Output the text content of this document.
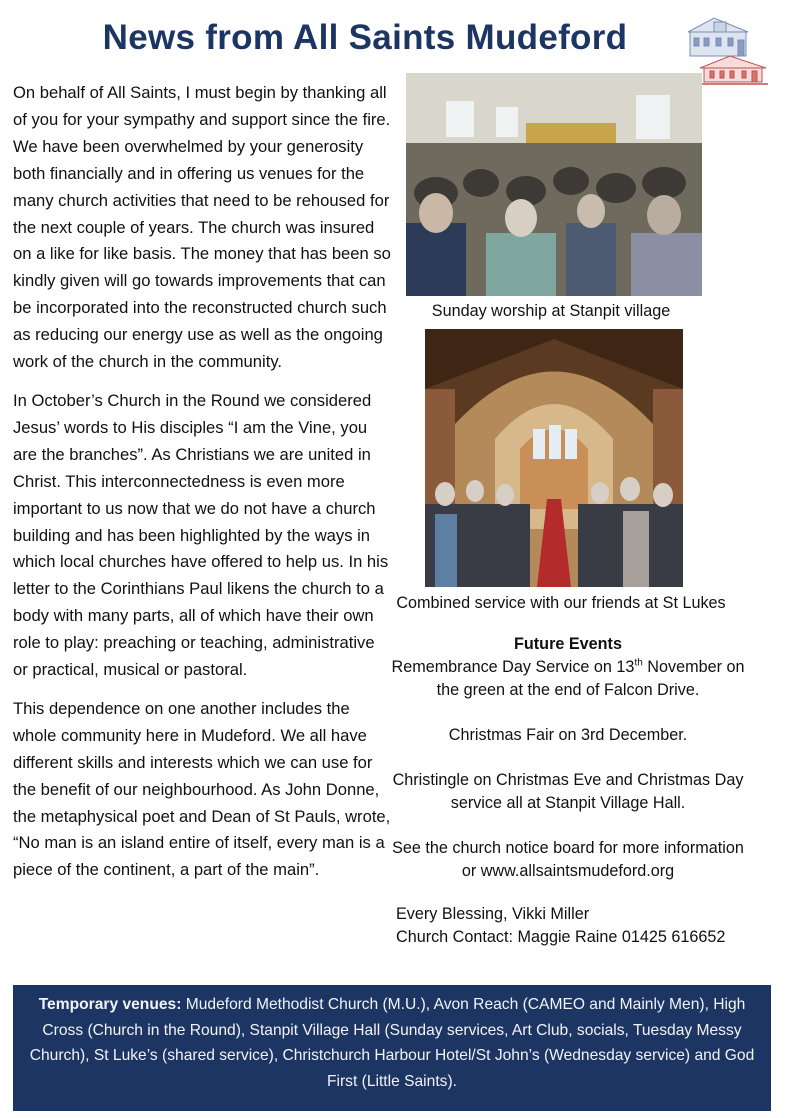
News from All Saints Mudeford

On behalf of All Saints, I must begin by thanking all of you for your sympathy and support since the fire. We have been overwhelmed by your generosity both financially and in offering us venues for the many church activities that need to be rehoused for the next couple of years. The church was insured on a like for like basis. The money that has been so kindly given will go towards improvements that can be incorporated into the reconstructed church such as reducing our energy use as well as the ongoing work of the church in the community.

In October’s Church in the Round we considered Jesus’ words to His disciples “I am the Vine, you are the branches”. As Christians we are united in Christ. This interconnectedness is even more important to us now that we do not have a church building and has been highlighted by the ways in which local churches have offered to help us. In his letter to the Corinthians Paul likens the church to a body with many parts, all of which have their own role to play: preaching or teaching, administrative or practical, musical or pastoral.

This dependence on one another includes the whole community here in Mudeford. We all have different skills and interests which we can use for the benefit of our neighbourhood. As John Donne, the metaphysical poet and Dean of St Pauls, wrote, “No man is an island entire of itself, every man is a piece of the continent, a part of the main”.

Sunday worship at Stanpit village
Combined service with our friends at St Lukes
Future Events
Remembrance Day Service on 13th November on the green at the end of Falcon Drive.
Christmas Fair on 3rd December.
Christingle on Christmas Eve and Christmas Day service all at Stanpit Village Hall.
See the church notice board for more information or www.allsaintsmudeford.org
Every Blessing, Vikki Miller
Church Contact: Maggie Raine 01425 616652
Temporary venues: Mudeford Methodist Church (M.U.), Avon Reach (CAMEO and Mainly Men), High Cross (Church in the Round), Stanpit Village Hall (Sunday services, Art Club, socials, Tuesday Messy Church), St Luke’s (shared service), Christchurch Harbour Hotel/St John’s (Wednesday service) and God First (Little Saints).
